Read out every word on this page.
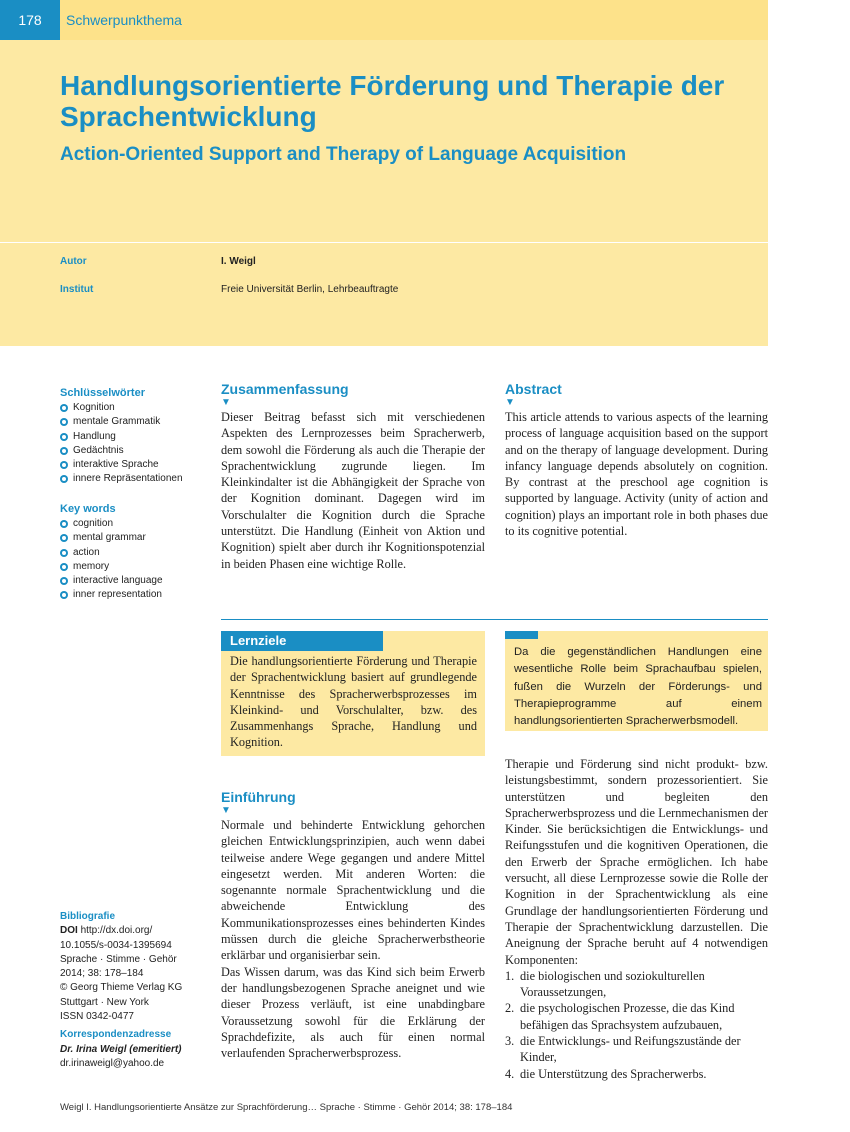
178	Schwerpunkthema
Handlungsorientierte Förderung und Therapie der Sprachentwicklung
Action-Oriented Support and Therapy of Language Acquisition
Autor	I. Weigl
Institut	Freie Universität Berlin, Lehrbeauftragte
Schlüsselwörter
Kognition
mentale Grammatik
Handlung
Gedächtnis
interaktive Sprache
innere Repräsentationen
Key words
cognition
mental grammar
action
memory
interactive language
inner representation
Zusammenfassung
▼

Dieser Beitrag befasst sich mit verschiedenen Aspekten des Lernprozesses beim Spracherwerb, dem sowohl die Förderung als auch die Therapie der Sprachentwicklung zugrunde liegen. Im Kleinkindalter ist die Abhängigkeit der Sprache von der Kognition dominant. Dagegen wird im Vorschulalter die Kognition durch die Sprache unterstützt. Die Handlung (Einheit von Aktion und Kognition) spielt aber durch ihr Kognitionspotenzial in beiden Phasen eine wichtige Rolle.

Abstract
▼

This article attends to various aspects of the learning process of language acquisition based on the support and on the therapy of language development. During infancy language depends absolutely on cognition. By contrast at the preschool age cognition is supported by language. Activity (unity of action and cognition) plays an important role in both phases due to its cognitive potential.

Lernziele

Die handlungsorientierte Förderung und Therapie der Sprachentwicklung basiert auf grundlegende Kenntnisse des Spracherwerbsprozesses im Kleinkind- und Vorschulalter, bzw. des Zusammenhangs Sprache, Handlung und Kognition.

Da die gegenständlichen Handlungen eine wesentliche Rolle beim Sprachaufbau spielen, fußen die Wurzeln der Förderungs- und Therapieprogramme auf einem handlungsorientierten Spracherwerbsmodell.

Einführung
▼

Normale und behinderte Entwicklung gehorchen gleichen Entwicklungsprinzipien, auch wenn dabei teilweise andere Wege gegangen und andere Mittel eingesetzt werden. Mit anderen Worten: die sogenannte normale Sprachentwicklung und die abweichende Entwicklung des Kommunikationsprozesses eines behinderten Kindes müssen durch die gleiche Spracherwerbstheorie erklärbar und organisierbar sein.

Das Wissen darum, was das Kind sich beim Erwerb der handlungsbezogenen Sprache aneignet und wie dieser Prozess verläuft, ist eine unabdingbare Voraussetzung sowohl für die Erklärung der Sprachdefizite, als auch für einen normal verlaufenden Spracherwerbsprozess.

Therapie und Förderung sind nicht produkt- bzw. leistungsbestimmt, sondern prozessorientiert. Sie unterstützen und begleiten den Spracherwerbsprozess und die Lernmechanismen der Kinder. Sie berücksichtigen die Entwicklungs- und Reifungsstufen und die kognitiven Operationen, die den Erwerb der Sprache ermöglichen. Ich habe versucht, all diese Lernprozesse sowie die Rolle der Kognition in der Sprachentwicklung als eine Grundlage der handlungsorientierten Förderung und Therapie der Sprachentwicklung darzustellen. Die Aneignung der Sprache beruht auf 4 notwendigen Komponenten:

1. die biologischen und soziokulturellen Voraussetzungen,
2. die psychologischen Prozesse, die das Kind befähigen das Sprachsystem aufzubauen,
3. die Entwicklungs- und Reifungszustände der Kinder,
4. die Unterstützung des Spracherwerbs.
Bibliografie
DOI http://dx.doi.org/
10.1055/s-0034-1395694
Sprache · Stimme · Gehör
2014; 38: 178–184
© Georg Thieme Verlag KG
Stuttgart · New York
ISSN 0342-0477
Korrespondenzadresse
Dr. Irina Weigl (emeritiert)
dr.irinaweigl@yahoo.de
Weigl I. Handlungsorientierte Ansätze zur Sprachförderung… Sprache · Stimme · Gehör 2014; 38: 178–184
